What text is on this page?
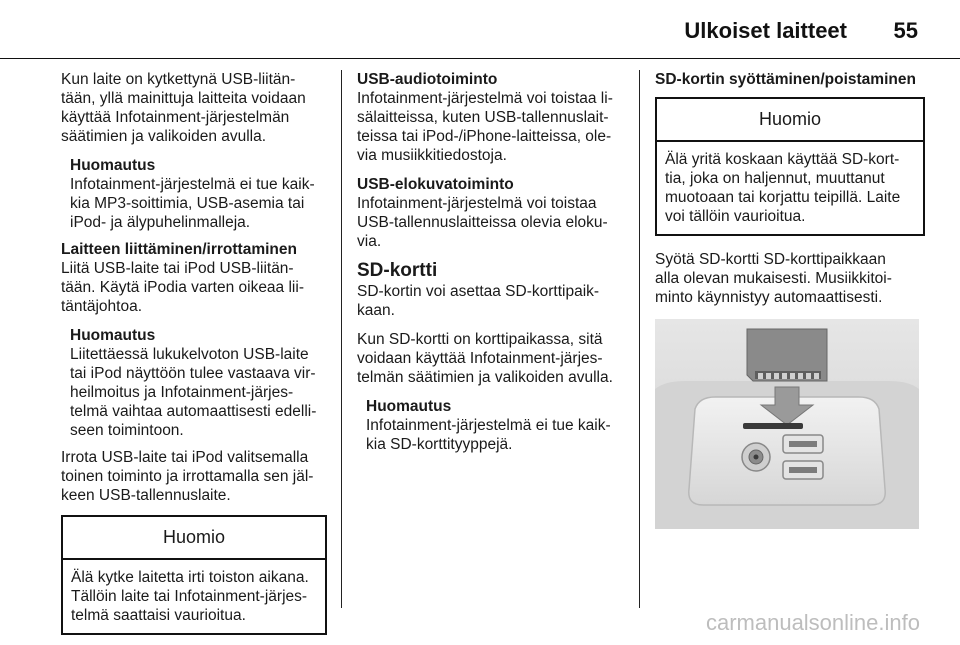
Ulkoiset laitteet 55

Kun laite on kytkettynä USB-liitän-
tään, yllä mainittuja laitteita voidaan
käyttää Infotainment-järjestelmän
säätimien ja valikoiden avulla.

Huomautus
Infotainment-järjestelmä ei tue kaik-
kia MP3-soittimia, USB-asemia tai
iPod- ja älypuhelinmalleja.
Laitteen liittäminen/irrottaminen

Liitä USB-laite tai iPod USB-liitän-
tään. Käytä iPodia varten oikeaa lii-
täntäjohtoa.

Huomautus
Liitettäessä lukukelvoton USB-laite
tai iPod näyttöön tulee vastaava vir-
heilmoitus ja Infotainment-järjes-
telmä vaihtaa automaattisesti edelli-
seen toimintoon.

Irrota USB-laite tai iPod valitsemalla
toinen toiminto ja irrottamalla sen jäl-
keen USB-tallennuslaite.

Huomio
Älä kytke laitetta irti toiston aikana.
Tällöin laite tai Infotainment-järjes-
telmä saattaisi vaurioitua.
USB-audiotoiminto

Infotainment-järjestelmä voi toistaa li-
sälaitteissa, kuten USB-tallennuslait-
teissa tai iPod-/iPhone-laitteissa, ole-
via musiikkitiedostoja.

USB-elokuvatoiminto

Infotainment-järjestelmä voi toistaa
USB-tallennuslaitteissa olevia eloku-
via.

SD-kortti

SD-kortin voi asettaa SD-korttipaik-
kaan.

Kun SD-kortti on korttipaikassa, sitä
voidaan käyttää Infotainment-järjes-
telmän säätimien ja valikoiden avulla.

Huomautus
Infotainment-järjestelmä ei tue kaik-
kia SD-korttityyppejä.
SD-kortin syöttäminen/poistaminen
Huomio
Älä yritä koskaan käyttää SD-kort-
tia, joka on haljennut, muuttanut
muotoaan tai korjattu teipillä. Laite
voi tällöin vaurioitua.

Syötä SD-kortti SD-korttipaikkaan
alla olevan mukaisesti. Musiikkitoi-
minto käynnistyy automaattisesti.

carmanualsonline.info
